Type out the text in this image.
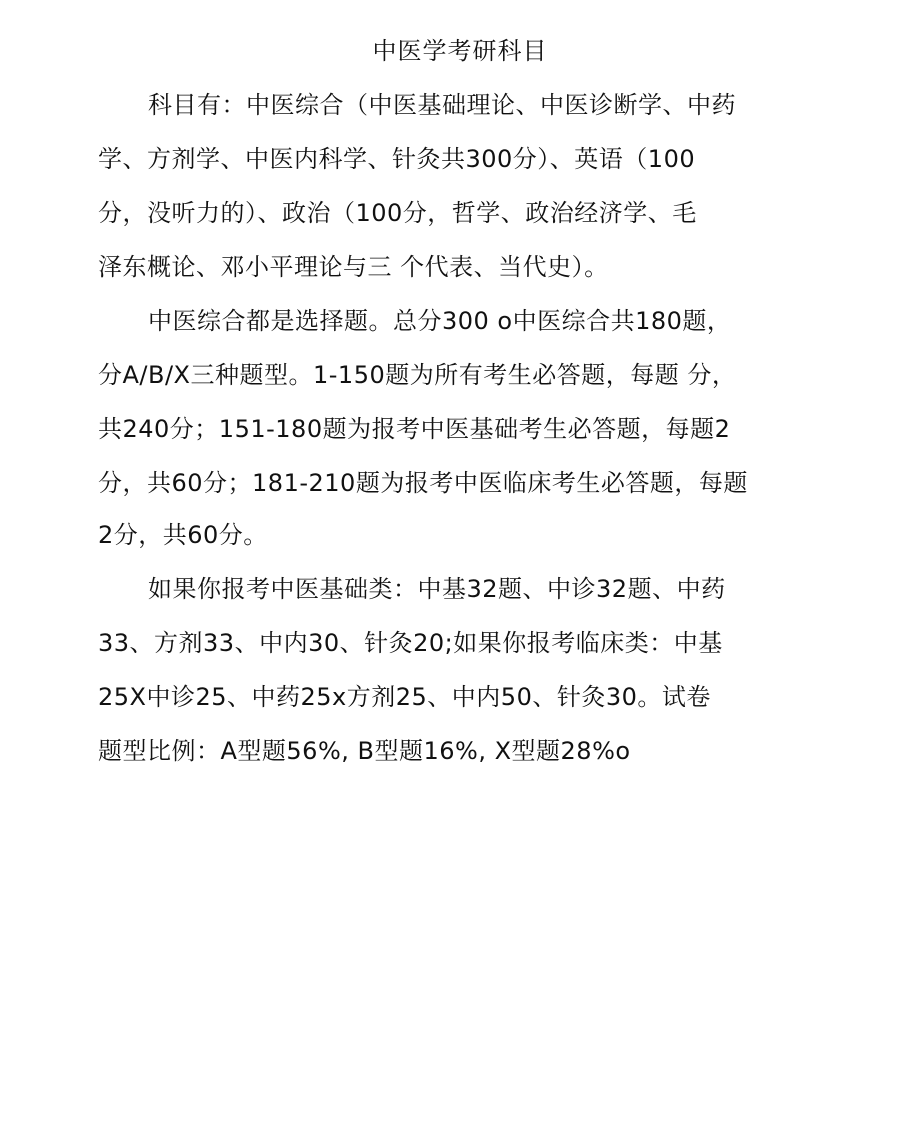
中医学考研科目
科目有：中医综合（中医基础理论、中医诊断学、中药
学、方剂学、中医内科学、针灸共300分）、英语（100
分，没听力的）、政治（100分，哲学、政治经济学、毛
泽东概论、邓小平理论与三 个代表、当代史）。
中医综合都是选择题。总分300 o中医综合共180题，
分A/B/X三种题型。1-150题为所有考生必答题，每题 分，
共240分；151-180题为报考中医基础考生必答题，每题2
分，共60分；181-210题为报考中医临床考生必答题，每题
2分，共60分。
如果你报考中医基础类：中基32题、中诊32题、中药
33、方剂33、中内30、针灸20;如果你报考临床类：中基
25X中诊25、中药25x方剂25、中内50、针灸30。试卷
题型比例：A型题56%, B型题16%, X型题28%o
